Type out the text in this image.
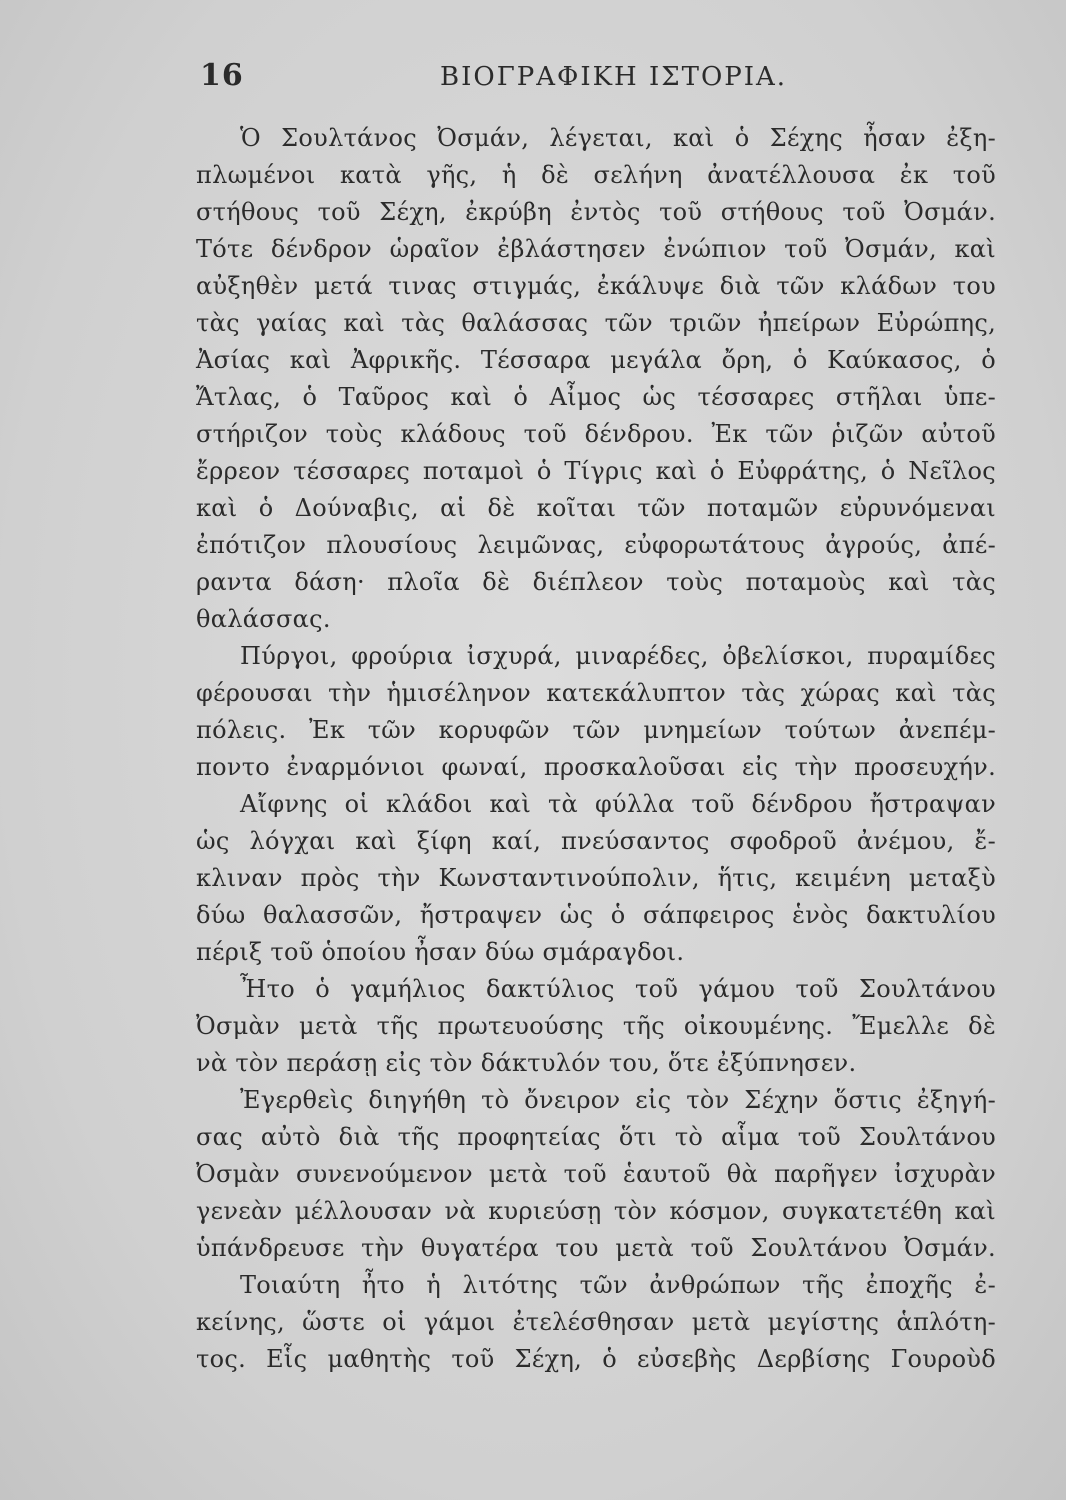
16	ΒΙΟΓΡΑΦΙΚΗ ΙΣΤΟΡΙΑ.
Ὁ Σουλτάνος Ὀσμάν, λέγεται, καὶ ὁ Σέχης ἦσαν ἐξη-
πλωμένοι κατὰ γῆς, ἡ δὲ σελήνη ἀνατέλλουσα ἐκ τοῦ
στήθους τοῦ Σέχη, ἐκρύβη ἐντὸς τοῦ στήθους τοῦ Ὀσμάν.
Τότε δένδρον ὡραῖον ἐβλάστησεν ἐνώπιον τοῦ Ὀσμάν, καὶ
αὐξηθὲν μετά τινας στιγμάς, ἐκάλυψε διὰ τῶν κλάδων του
τὰς γαίας καὶ τὰς θαλάσσας τῶν τριῶν ἠπείρων Εὐρώπης,
Ἀσίας καὶ Ἀφρικῆς. Τέσσαρα μεγάλα ὄρη, ὁ Καύκασος, ὁ
Ἄτλας, ὁ Ταῦρος καὶ ὁ Αἶμος ὡς τέσσαρες στῆλαι ὑπε-
στήριζον τοὺς κλάδους τοῦ δένδρου. Ἐκ τῶν ῥιζῶν αὐτοῦ
ἔρρεον τέσσαρες ποταμοὶ ὁ Τίγρις καὶ ὁ Εὐφράτης, ὁ Νεῖλος
καὶ ὁ Δούναβις, αἱ δὲ κοῖται τῶν ποταμῶν εὐρυνόμεναι
ἐπότιζον πλουσίους λειμῶνας, εὐφορωτάτους ἀγρούς, ἀπέ-
ραντα δάση· πλοῖα δὲ διέπλεον τοὺς ποταμοὺς καὶ τὰς
θαλάσσας.
Πύργοι, φρούρια ἰσχυρά, μιναρέδες, ὀβελίσκοι, πυραμίδες
φέρουσαι τὴν ἡμισέληνον κατεκάλυπτον τὰς χώρας καὶ τὰς
πόλεις. Ἐκ τῶν κορυφῶν τῶν μνημείων τούτων ἀνεπέμ-
ποντο ἐναρμόνιοι φωναί, προσκαλοῦσαι εἰς τὴν προσευχήν.
Αἴφνης οἱ κλάδοι καὶ τὰ φύλλα τοῦ δένδρου ἤστραψαν
ὡς λόγχαι καὶ ξίφη καί, πνεύσαντος σφοδροῦ ἀνέμου, ἔ-
κλιναν πρὸς τὴν Κωνσταντινούπολιν, ἥτις, κειμένη μεταξὺ
δύω θαλασσῶν, ἤστραψεν ὡς ὁ σάπφειρος ἑνὸς δακτυλίου
πέριξ τοῦ ὁποίου ἦσαν δύω σμάραγδοι.
Ἦτο ὁ γαμήλιος δακτύλιος τοῦ γάμου τοῦ Σουλτάνου
Ὀσμὰν μετὰ τῆς πρωτευούσης τῆς οἰκουμένης. Ἔμελλε δὲ
νὰ τὸν περάσῃ εἰς τὸν δάκτυλόν του, ὅτε ἐξύπνησεν.
Ἐγερθεὶς διηγήθη τὸ ὄνειρον εἰς τὸν Σέχην ὅστις ἐξηγή-
σας αὐτὸ διὰ τῆς προφητείας ὅτι τὸ αἷμα τοῦ Σουλτάνου
Ὀσμὰν συνενούμενον μετὰ τοῦ ἑαυτοῦ θὰ παρῆγεν ἰσχυρὰν
γενεὰν μέλλουσαν νὰ κυριεύσῃ τὸν κόσμον, συγκατετέθη καὶ
ὑπάνδρευσε τὴν θυγατέρα του μετὰ τοῦ Σουλτάνου Ὀσμάν.
Τοιαύτη ἦτο ἡ λιτότης τῶν ἀνθρώπων τῆς ἐποχῆς ἐ-
κείνης, ὥστε οἱ γάμοι ἐτελέσθησαν μετὰ μεγίστης ἁπλότη-
τος. Εἷς μαθητὴς τοῦ Σέχη, ὁ εὐσεβὴς Δερβίσης Γουροὺδ
